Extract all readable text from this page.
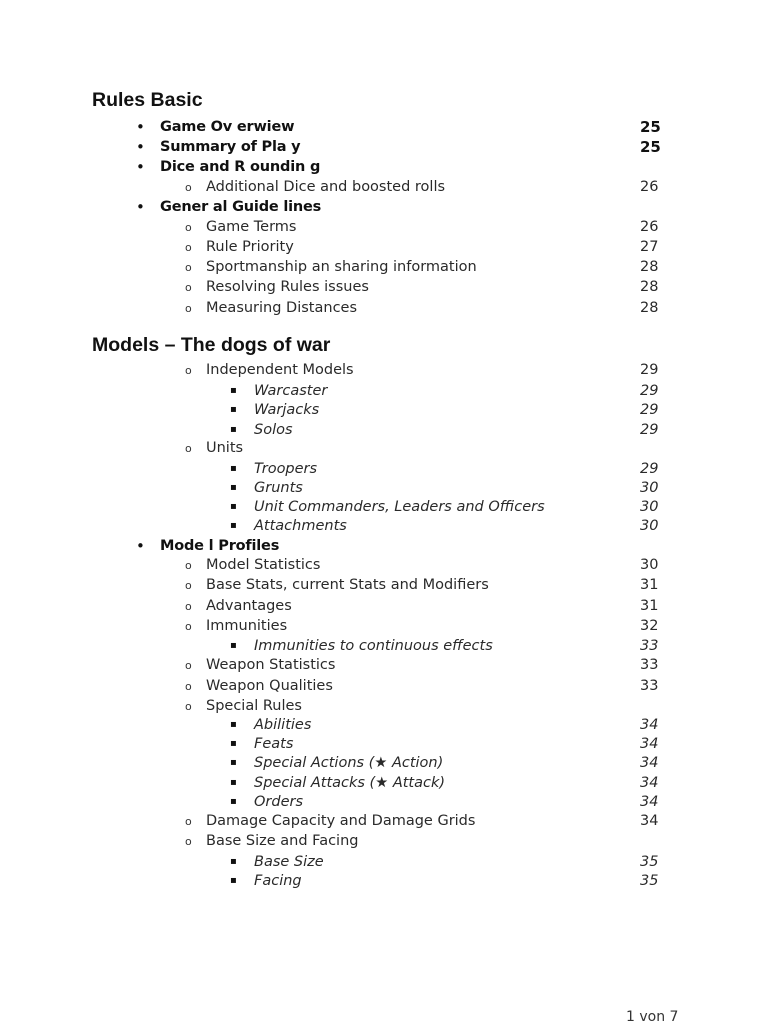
Rules Basic
• Game Ov erwiew	25
• Summary of Pla y	25
• Dice and R oundin g
o Additional Dice and boosted rolls	26
• Gener al Guide lines
o Game Terms	26
o Rule Priority	27
o Sportmanship an sharing information	28
o Resolving Rules issues	28
o Measuring Distances	28
Models – The dogs of war
o Independent Models	29
▪ Warcaster	29
▪ Warjacks	29
▪ Solos	29
o Units
▪ Troopers	29
▪ Grunts	30
▪ Unit Commanders, Leaders and Officers	30
▪ Attachments	30
• Mode l Profiles
o Model Statistics	30
o Base Stats, current Stats and Modifiers	31
o Advantages	31
o Immunities	32
▪ Immunities to continuous effects	33
o Weapon Statistics	33
o Weapon Qualities	33
o Special Rules
▪ Abilities	34
▪ Feats	34
▪ Special Actions (★ Action)	34
▪ Special Attacks (★ Attack)	34
▪ Orders	34
o Damage Capacity and Damage Grids	34
o Base Size and Facing
▪ Base Size	35
▪ Facing	35
1 von 7
